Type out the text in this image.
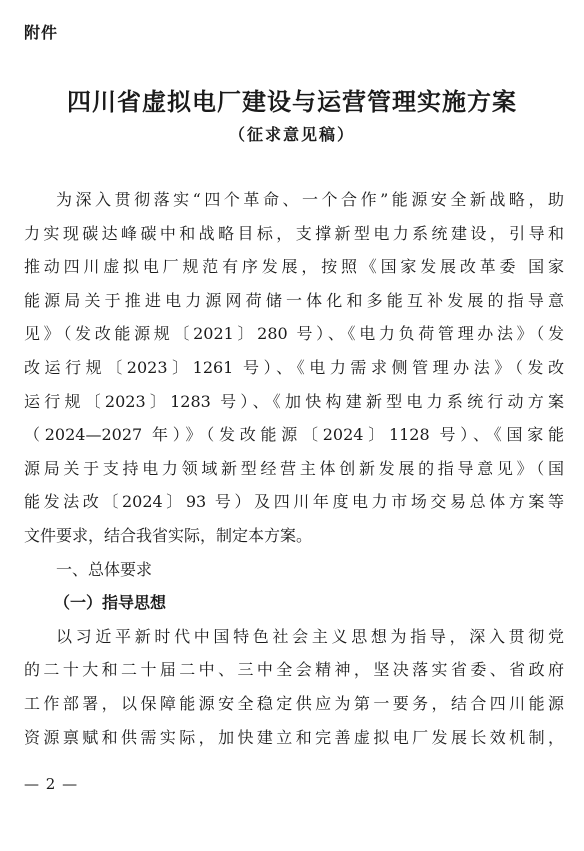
附件
四川省虚拟电厂建设与运营管理实施方案
（征求意见稿）
为深入贯彻落实“四个革命、一个合作”能源安全新战略，助
力实现碳达峰碳中和战略目标，支撑新型电力系统建设，引导和
推动四川虚拟电厂规范有序发展，按照《国家发展改革委 国家
能源局关于推进电力源网荷储一体化和多能互补发展的指导意
见》（发改能源规〔2021〕280 号）、《电力负荷管理办法》（发
改运行规〔2023〕1261 号）、《电力需求侧管理办法》（发改
运行规〔2023〕1283 号）、《加快构建新型电力系统行动方案
（2024—2027 年）》（发改能源〔2024〕1128 号）、《国家能
源局关于支持电力领域新型经营主体创新发展的指导意见》（国
能发法改〔2024〕93 号）及四川年度电力市场交易总体方案等
文件要求，结合我省实际，制定本方案。
一、总体要求
（一）指导思想
以习近平新时代中国特色社会主义思想为指导，深入贯彻党
的二十大和二十届二中、三中全会精神，坚决落实省委、省政府
工作部署，以保障能源安全稳定供应为第一要务，结合四川能源
资源禀赋和供需实际，加快建立和完善虚拟电厂发展长效机制，
— 2 —
